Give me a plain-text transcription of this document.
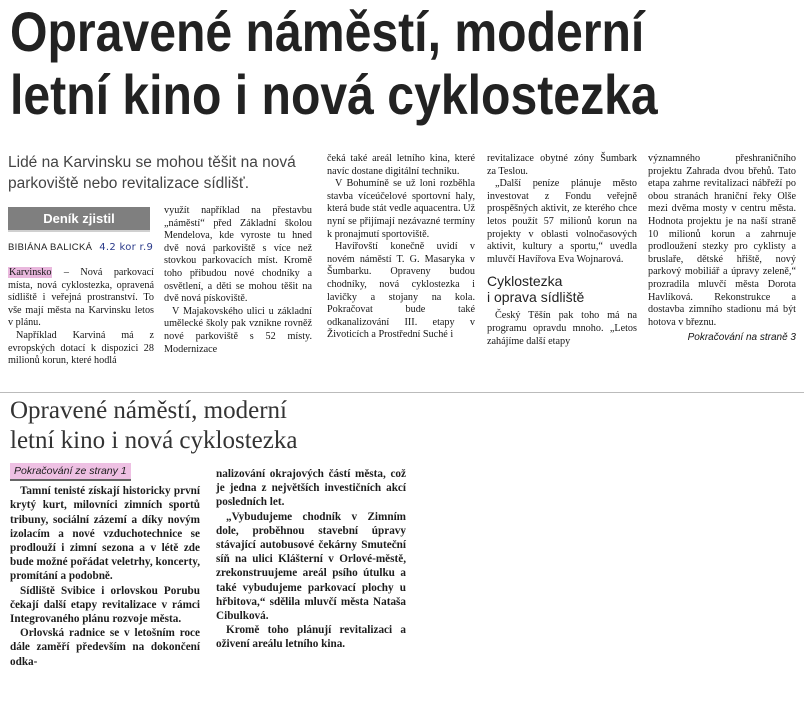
Opravené náměstí, moderní
letní kino i nová cyklostezka
Lidé na Karvinsku se mohou těšit na nová parkoviště nebo revitalizace sídlišť.
Deník zjistil
BIBIÁNA BALICKÁ 4.2 kor r.9

Karvinsko – Nová parkovací místa, nová cyklostezka, opravená sídliště i veřejná prostranství. To vše mají města na Karvinsku letos v plánu.

Například Karviná má z evropských dotací k dispozici 28 milionů korun, které hodlá

využít například na přestavbu „náměstí“ před Základní školou Mendelova, kde vyroste tu hned dvě nová parkoviště s více než stovkou parkovacích míst. Kromě toho přibudou nové chodníky a osvětlení, a děti se mohou těšit na dvě nová pískoviště.

V Majakovského ulici u základní umělecké školy pak vznikne rovněž nové parkoviště s 52 místy. Modernizace

čeká také areál letního kina, které navíc dostane digitální techniku.

V Bohumíně se už loni rozběhla stavba víceúčelové sportovní haly, která bude stát vedle aquacentra. Už nyní se přijímají nezávazné termíny k pronajmutí sportoviště.

Havířovští konečně uvidí v novém náměstí T. G. Masaryka v Šumbarku. Opraveny budou chodníky, nová cyklostezka i lavičky a stojany na kola. Pokračovat bude také odkanalizování III. etapy v Životicích a Prostřední Suché i

revitalizace obytné zóny Šumbark za Teslou.

„Další peníze plánuje město investovat z Fondu veřejně prospěšných aktivit, ze kterého chce letos použít 57 milionů korun na projekty v oblasti volnočasových aktivit, kultury a sportu,“ uvedla mluvčí Havířova Eva Wojnarová.

Cyklostezka
i oprava sídliště

Český Těšín pak toho má na programu opravdu mnoho. „Letos zahájíme další etapy

významného přeshraničního projektu Zahrada dvou břehů. Tato etapa zahrne revitalizaci nábřeží po obou stranách hraniční řeky Olše mezi dvěma mosty v centru města. Hodnota projektu je na naší straně 10 milionů korun a zahrnuje prodloužení stezky pro cyklisty a bruslaře, dětské hřiště, nový parkový mobiliář a úpravy zeleně,“ prozradila mluvčí města Dorota Havlíková. Rekonstrukce a dostavba zimního stadionu má být hotova v březnu.

Pokračování na straně 3
Opravené náměstí, moderní
letní kino i nová cyklostezka
Pokračování ze strany 1

Tamní tenisté získají historicky první krytý kurt, milovníci zimních sportů tribuny, sociální zázemí a díky novým izolacím a nové vzduchotechnice se prodlouží i zimní sezona a v létě zde bude možné pořádat veletrhy, koncerty, promítání a podobně.

Sídliště Svibice i orlovskou Porubu čekají další etapy revitalizace v rámci Integrovaného plánu rozvoje města.

Orlovská radnice se v letošním roce dále zaměří především na dokončení odka-

nalizování okrajových částí města, což je jedna z největších investičních akcí posledních let.

„Vybudujeme chodník v Zimním dole, proběhnou stavební úpravy stávající autobusové čekárny Smuteční síň na ulici Klášterní v Orlové-městě, zrekonstruujeme areál psího útulku a také vybudujeme parkovací plochy u hřbitova,“ sdělila mluvčí města Nataša Cibulková.

Kromě toho plánují revitalizaci a oživení areálu letního kina.
